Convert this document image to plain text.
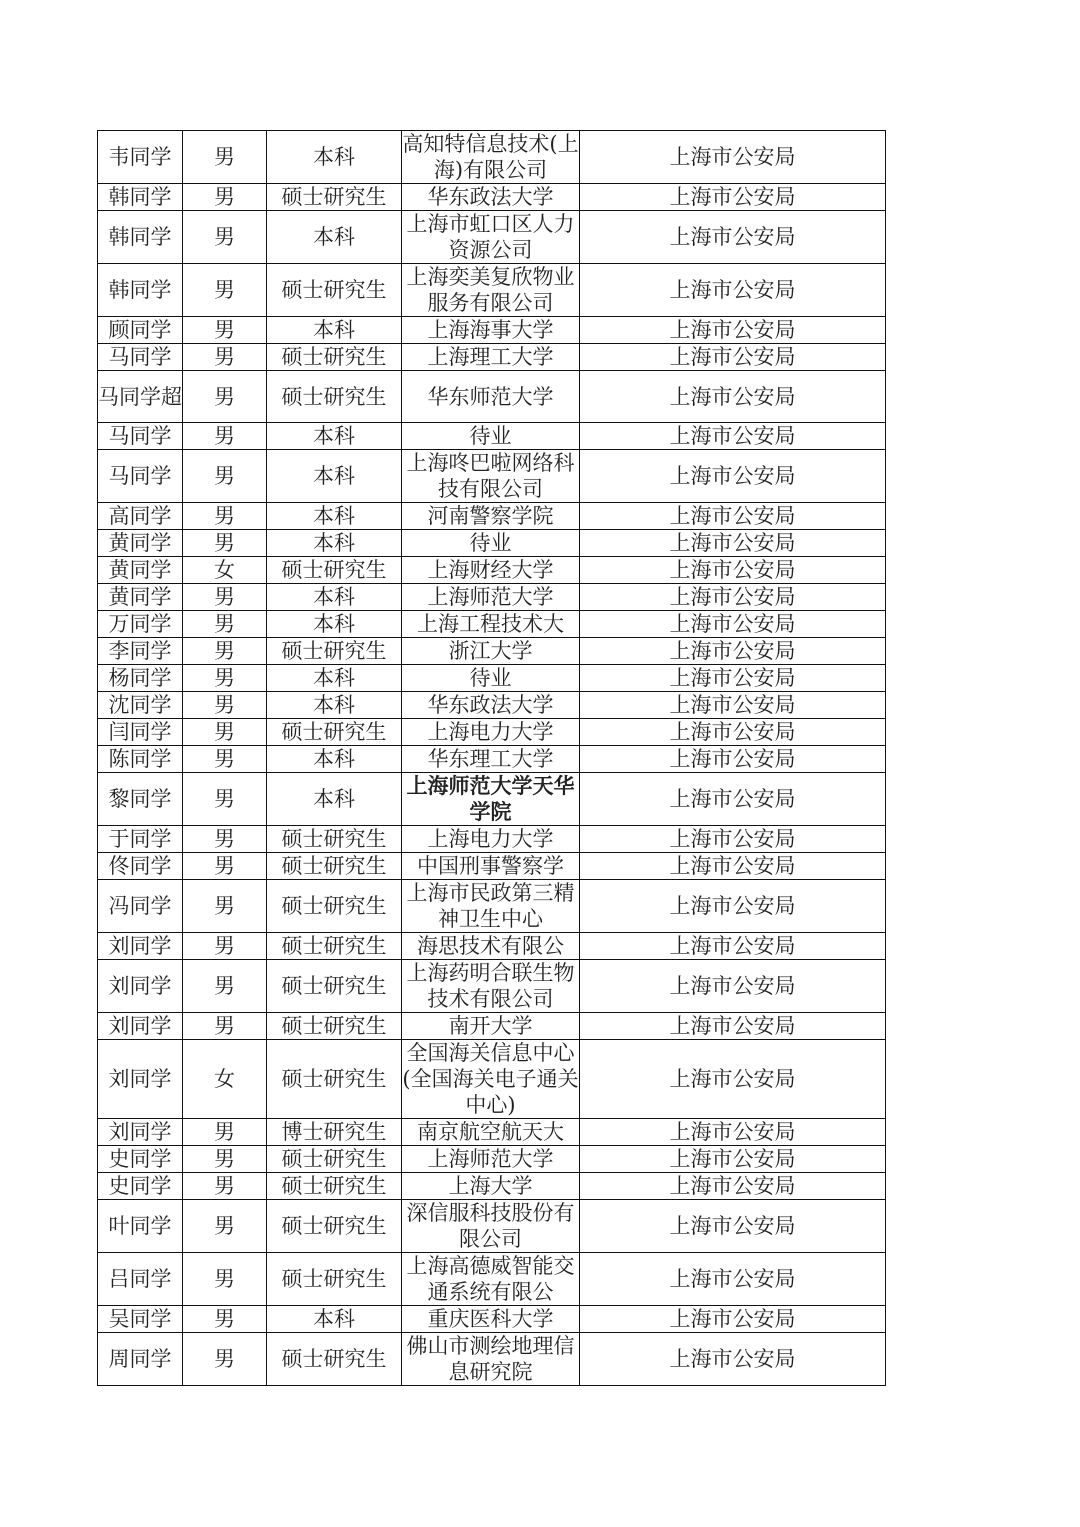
韦同学	男	本科	高知特信息技术(上海)有限公司	上海市公安局
韩同学	男	硕士研究生	华东政法大学	上海市公安局
韩同学	男	本科	上海市虹口区人力资源公司	上海市公安局
韩同学	男	硕士研究生	上海奕美复欣物业服务有限公司	上海市公安局
顾同学	男	本科	上海海事大学	上海市公安局
马同学	男	硕士研究生	上海理工大学	上海市公安局
马同学超	男	硕士研究生	华东师范大学	上海市公安局
马同学	男	本科	待业	上海市公安局
马同学	男	本科	上海咚巴啦网络科技有限公司	上海市公安局
高同学	男	本科	河南警察学院	上海市公安局
黄同学	男	本科	待业	上海市公安局
黄同学	女	硕士研究生	上海财经大学	上海市公安局
黄同学	男	本科	上海师范大学	上海市公安局
万同学	男	本科	上海工程技术大	上海市公安局
李同学	男	硕士研究生	浙江大学	上海市公安局
杨同学	男	本科	待业	上海市公安局
沈同学	男	本科	华东政法大学	上海市公安局
闫同学	男	硕士研究生	上海电力大学	上海市公安局
陈同学	男	本科	华东理工大学	上海市公安局
黎同学	男	本科	上海师范大学天华学院	上海市公安局
于同学	男	硕士研究生	上海电力大学	上海市公安局
佟同学	男	硕士研究生	中国刑事警察学	上海市公安局
冯同学	男	硕士研究生	上海市民政第三精神卫生中心	上海市公安局
刘同学	男	硕士研究生	海思技术有限公	上海市公安局
刘同学	男	硕士研究生	上海药明合联生物技术有限公司	上海市公安局
刘同学	男	硕士研究生	南开大学	上海市公安局
刘同学	女	硕士研究生	全国海关信息中心(全国海关电子通关中心)	上海市公安局
刘同学	男	博士研究生	南京航空航天大	上海市公安局
史同学	男	硕士研究生	上海师范大学	上海市公安局
史同学	男	硕士研究生	上海大学	上海市公安局
叶同学	男	硕士研究生	深信服科技股份有限公司	上海市公安局
吕同学	男	硕士研究生	上海高德威智能交通系统有限公	上海市公安局
吴同学	男	本科	重庆医科大学	上海市公安局
周同学	男	硕士研究生	佛山市测绘地理信息研究院	上海市公安局
